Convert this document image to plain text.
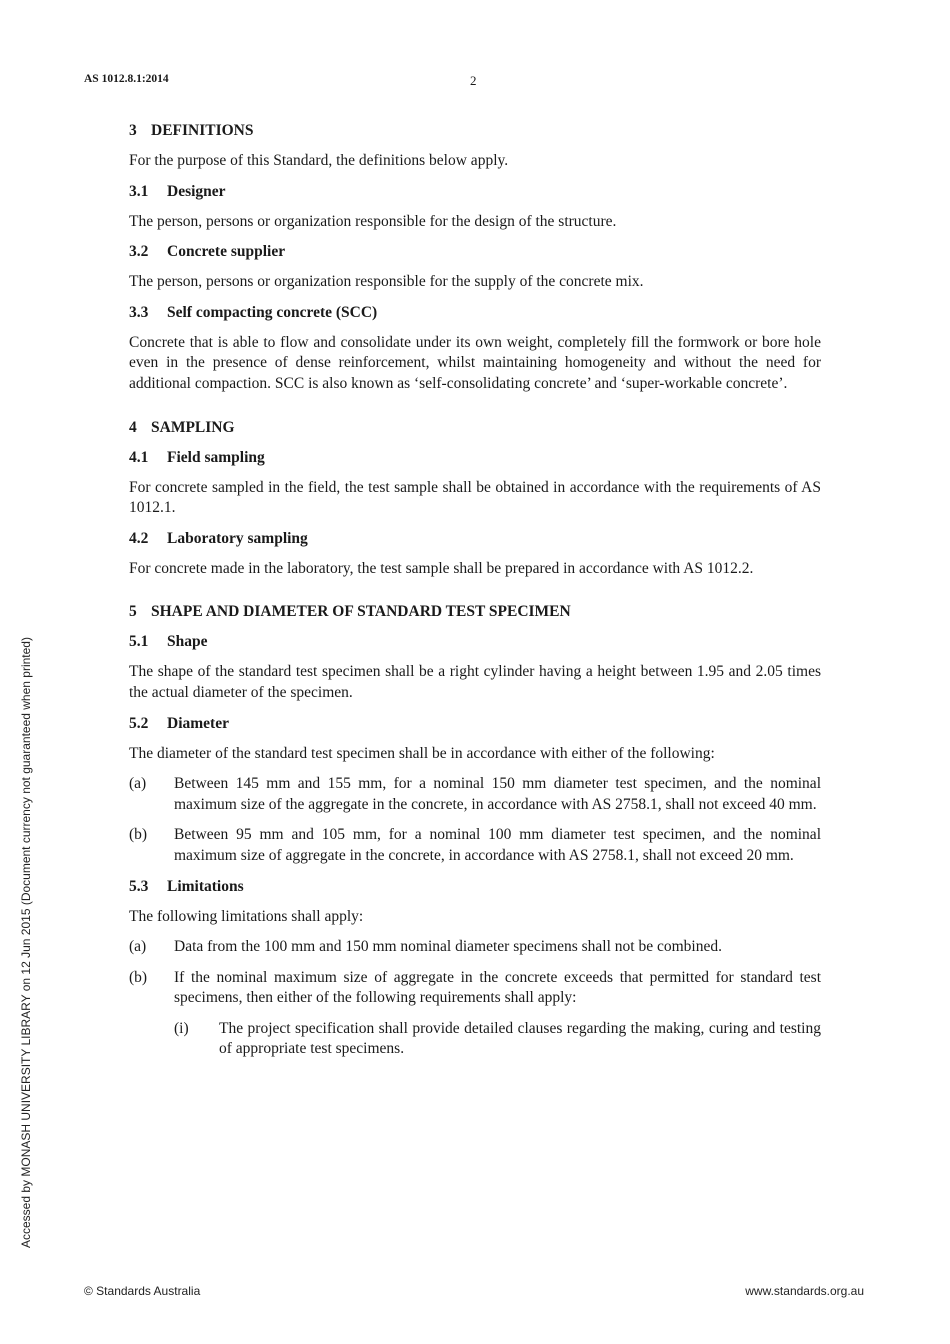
AS 1012.8.1:2014	2
Accessed by MONASH UNIVERSITY LIBRARY on 12 Jun 2015 (Document currency not guaranteed when printed)
3 DEFINITIONS

For the purpose of this Standard, the definitions below apply.

3.1 Designer

The person, persons or organization responsible for the design of the structure.

3.2 Concrete supplier

The person, persons or organization responsible for the supply of the concrete mix.

3.3 Self compacting concrete (SCC)

Concrete that is able to flow and consolidate under its own weight, completely fill the formwork or bore hole even in the presence of dense reinforcement, whilst maintaining homogeneity and without the need for additional compaction. SCC is also known as ‘self-consolidating concrete’ and ‘super-workable concrete’.

4 SAMPLING
4.1 Field sampling

For concrete sampled in the field, the test sample shall be obtained in accordance with the requirements of AS 1012.1.

4.2 Laboratory sampling

For concrete made in the laboratory, the test sample shall be prepared in accordance with AS 1012.2.

5 SHAPE AND DIAMETER OF STANDARD TEST SPECIMEN
5.1 Shape

The shape of the standard test specimen shall be a right cylinder having a height between 1.95 and 2.05 times the actual diameter of the specimen.

5.2 Diameter

The diameter of the standard test specimen shall be in accordance with either of the following:

(a)	Between 145 mm and 155 mm, for a nominal 150 mm diameter test specimen, and the nominal maximum size of the aggregate in the concrete, in accordance with AS 2758.1, shall not exceed 40 mm.
(b)	Between 95 mm and 105 mm, for a nominal 100 mm diameter test specimen, and the nominal maximum size of aggregate in the concrete, in accordance with AS 2758.1, shall not exceed 20 mm.
5.3 Limitations

The following limitations shall apply:

(a)	Data from the 100 mm and 150 mm nominal diameter specimens shall not be combined.
(b)	If the nominal maximum size of aggregate in the concrete exceeds that permitted for standard test specimens, then either of the following requirements shall apply:
(i)	The project specification shall provide detailed clauses regarding the making, curing and testing of appropriate test specimens.
© Standards Australia	www.standards.org.au
